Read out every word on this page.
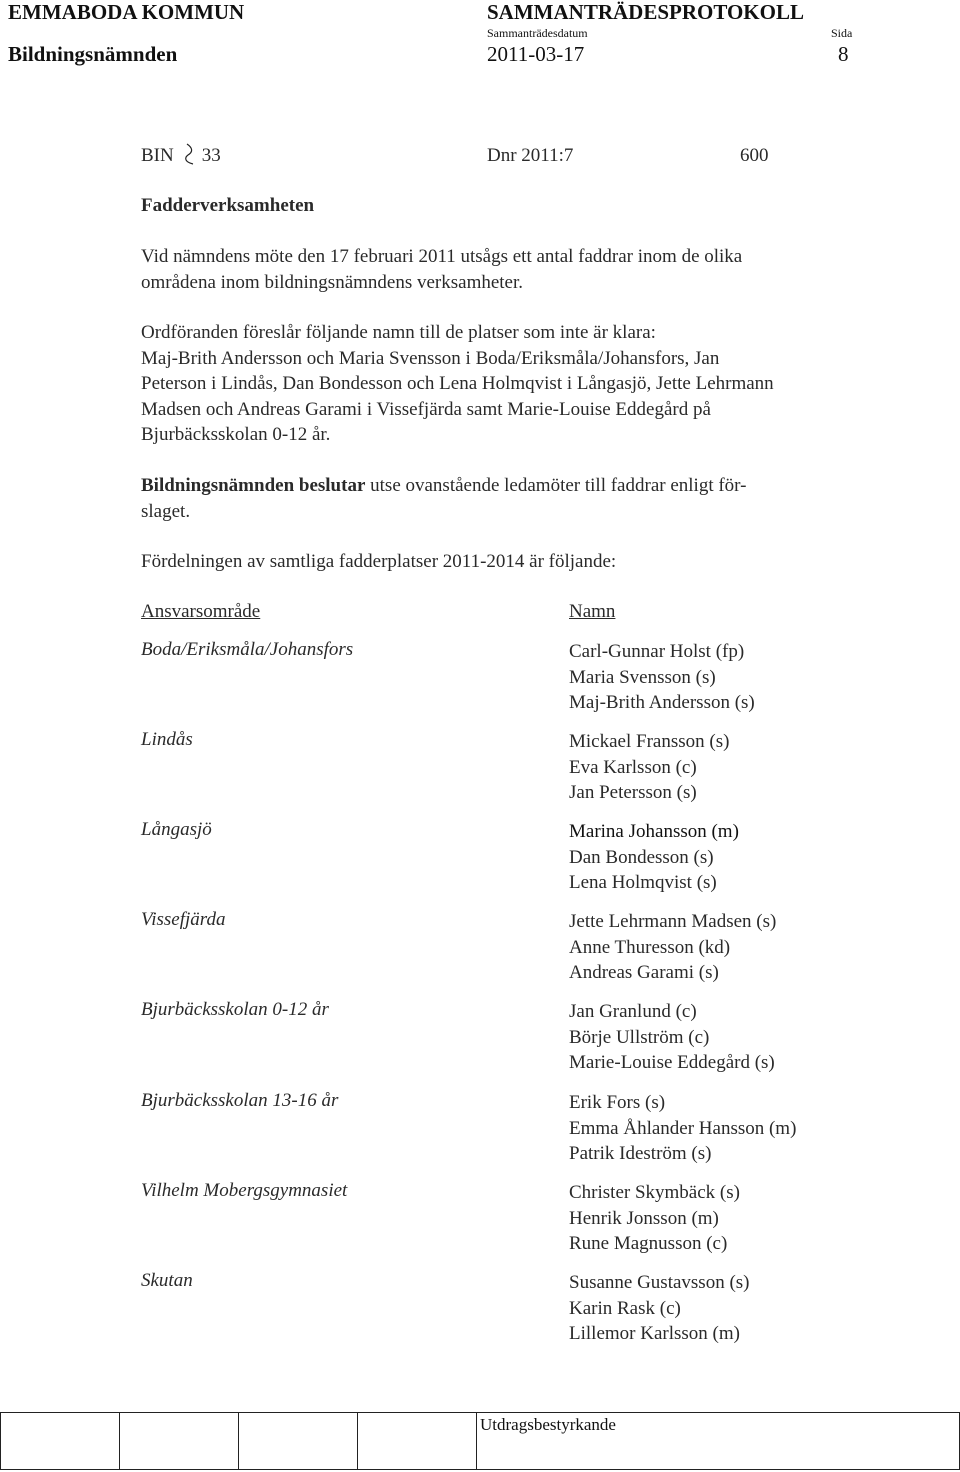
EMMABODA KOMMUN	SAMMANTRÄDESPROTOKOLL
Sammanträdesdatum	Sida
Bildningsnämnden	2011-03-17	8
BIN 33	Dnr 2011:7	600
Fadderverksamheten
Vid nämndens möte den 17 februari 2011 utsågs ett antal faddrar inom de olika
områdena inom bildningsnämndens verksamheter.
Ordföranden föreslår följande namn till de platser som inte är klara:
Maj-Brith Andersson och Maria Svensson i Boda/Eriksmåla/Johansfors, Jan
Peterson i Lindås, Dan Bondesson och Lena Holmqvist i Långasjö, Jette Lehrmann
Madsen och Andreas Garami i Vissefjärda samt Marie-Louise Eddegård på
Bjurbäcksskolan 0-12 år.
Bildningsnämnden beslutar utse ovanstående ledamöter till faddrar enligt för-
slaget.
Fördelningen av samtliga fadderplatser 2011-2014 är följande:
Ansvarsområde	Namn
Boda/Eriksmåla/Johansfors	Carl-Gunnar Holst (fp)
Maria Svensson (s)
Maj-Brith Andersson (s)
Lindås	Mickael Fransson (s)
Eva Karlsson (c)
Jan Petersson (s)
Långasjö	Marina Johansson (m)
Dan Bondesson (s)
Lena Holmqvist (s)
Vissefjärda	Jette Lehrmann Madsen (s)
Anne Thuresson (kd)
Andreas Garami (s)
Bjurbäcksskolan 0-12 år	Jan Granlund (c)
Börje Ullström (c)
Marie-Louise Eddegård (s)
Bjurbäcksskolan 13-16 år	Erik Fors (s)
Emma Åhlander Hansson (m)
Patrik Ideström (s)
Vilhelm Mobergsgymnasiet	Christer Skymbäck (s)
Henrik Jonsson (m)
Rune Magnusson (c)
Skutan	Susanne Gustavsson (s)
Karin Rask (c)
Lillemor Karlsson (m)

Utdragsbestyrkande
